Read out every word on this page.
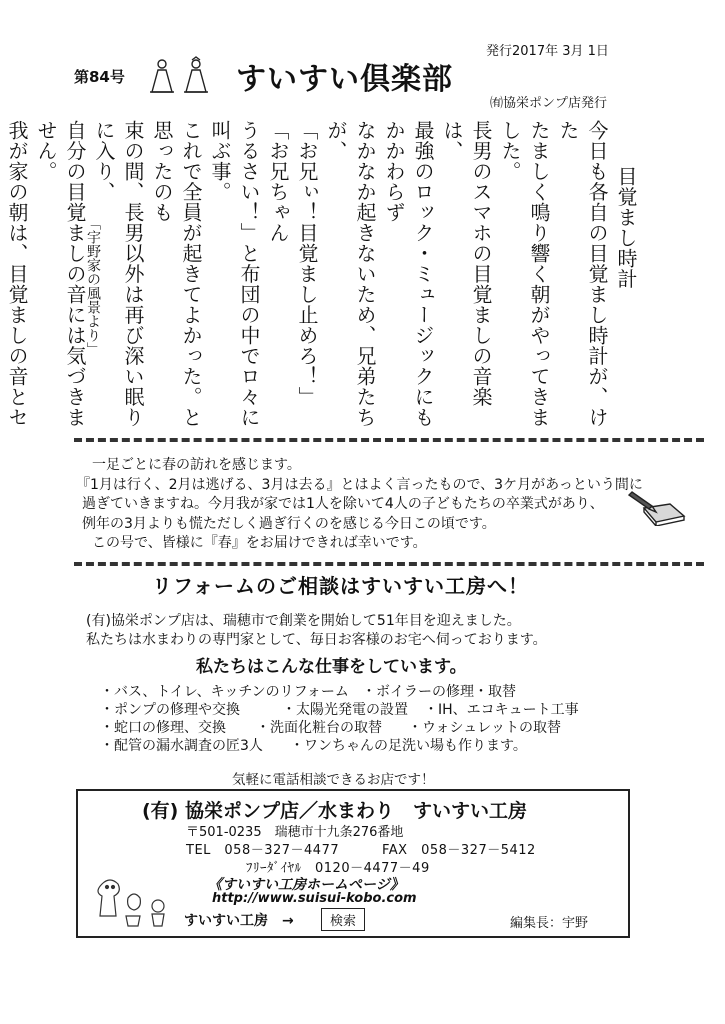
第84号	すいすい倶楽部
発行2017年 3月 1日
㈲協栄ポンプ店発行

目覚まし時計

今日も各自の目覚まし時計が、けた

たましく鳴り響く朝がやってきました。

長男のスマホの目覚ましの音楽は、

最強のロック・ミュージックにもかかわらず

なかなか起きないため、兄弟たちが、

「お兄ぃ！目覚まし止めろ！」「お兄ちゃん

うるさい！」と布団の中でロ々に叫ぶ事。

これで全員が起きてよかった。と思ったのも

束の間、長男以外は再び深い眠りに入り、

自分の目覚ましの音には気づきません。

我が家の朝は、目覚ましの音とセ

「宇野家の風景より」

一足ごとに春の訪れを感じます。

『1月は行く、2月は逃げる、3月は去る』とはよく言ったもので、3ケ月があっという間に

過ぎていきますね。今月我が家では1人を除いて4人の子どもたちの卒業式があり、

例年の3月よりも慌ただしく過ぎ行くのを感じる今日この頃です。

この号で、皆様に『春』をお届けできれば幸いです。

リフォームのご相談はすいすい工房へ！

(有)協栄ポンプ店は、瑞穂市で創業を開始して51年目を迎えました。

私たちは水まわりの専門家として、毎日お客様のお宅へ伺っております。

私たちはこんな仕事をしています。
・バス、トイレ、キッチンのリフォーム ・ボイラーの修理・取替
・ポンプの修理や交換	・太陽光発電の設置	・IH、エコキュート工事
・蛇口の修理、交換	・洗面化粧台の取替	・ウォシュレットの取替
・配管の漏水調査の匠3人	・ワンちゃんの足洗い場も作ります。
気軽に電話相談できるお店です！
(有) 協栄ポンプ店／水まわり　すいすい工房
〒501-0235　瑞穂市十九条276番地
TEL　058－327－4477	FAX　058－327－5412
ﾌﾘｰﾀﾞｲﾔﾙ　0120－4477－49
《すいすい工房ホームページ》
http://www.suisui-kobo.com
すいすい工房　→	検索	編集長：宇野
